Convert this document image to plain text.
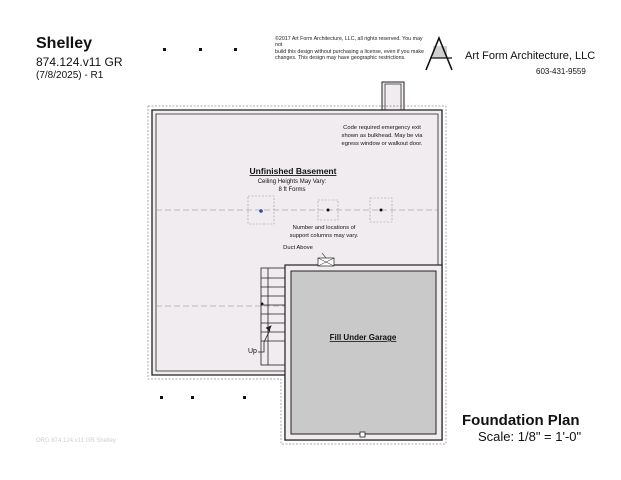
Shelley
874.124.v11 GR
(7/8/2025) - R1
©2017 Art Form Architecture, LLC, all rights reserved. You may not
build this design without purchasing a license, even if you make
changes. This design may have geographic restrictions.	Art Form Architecture, LLC
603-431-9559
Unfinished Basement
Ceiling Heights May Vary:
8 ft Forms
Code required emergency exit
shown as bulkhead. May be via
egress window or walkout door.
Number and locations of
support columns may vary.
Duct Above
Up
Fill Under Garage
Foundation Plan
Scale: 1/8" = 1'-0"
ORG 874.124.v11 GR Shelley
